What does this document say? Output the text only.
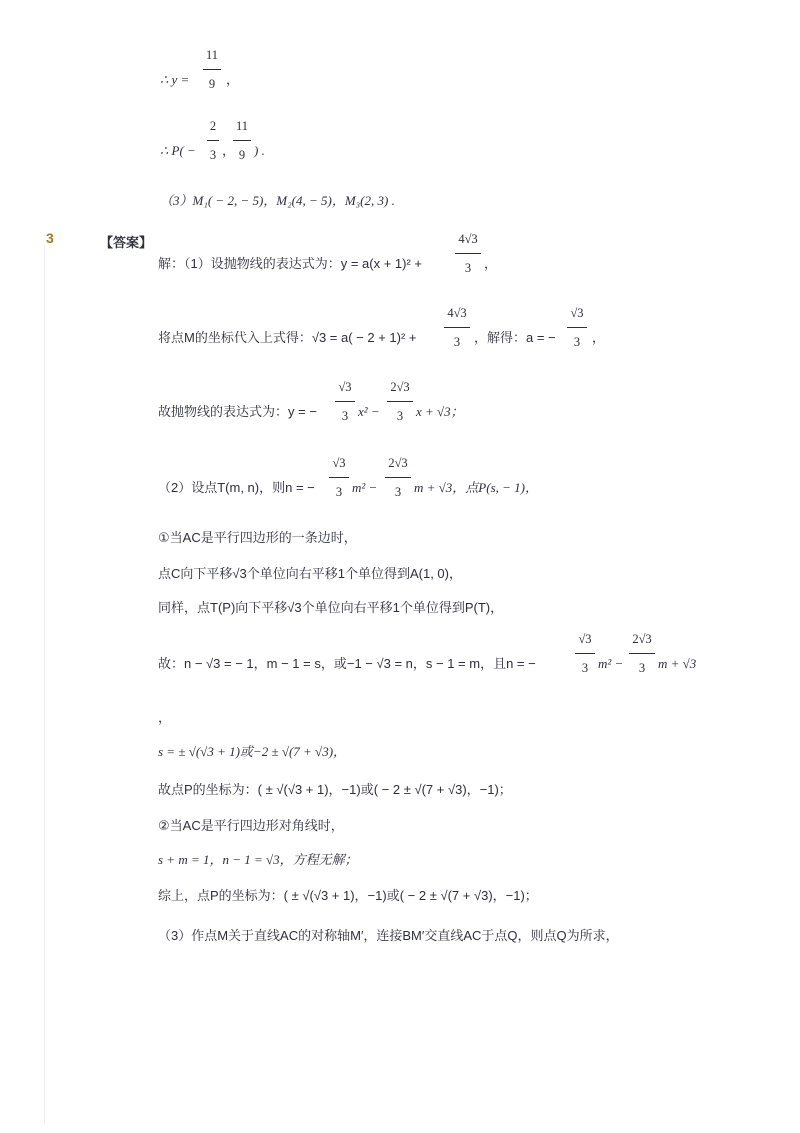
∴ y =
11
9 ，
∴ P( −
2
3 ，
11
9 ) .
（3）M₁( − 2, − 5)，M₂(4, − 5)，M₃(2, 3) .
3	【答案】
解：（1）设抛物线的表达式为：y = a(x + 1)² +
4√3
3 ，
将点M的坐标代入上式得：√3 = a( − 2 + 1)² +
4√3
3	，解得：a = −
√3
3 ，
故抛物线的表达式为：y = −
√3
3 x² −
2√3
3 x + √3；
（2）设点T(m, n)，则n = −
√3
3 m² −
2√3
3 m + √3，点P(s, − 1)，
①当AC是平行四边形的一条边时，
点C向下平移√3个单位向右平移1个单位得到A(1, 0)，
同样，点T(P)向下平移√3个单位向右平移1个单位得到P(T)，
故：n − √3 = − 1，m − 1 = s，或−1 − √3 = n，s − 1 = m，且n = −
√3
3 m² −
2√3
3 m + √3
，
s = ± √(√3 + 1)或−2 ± √(7 + √3)，
故点P的坐标为：( ± √(√3 + 1)，−1)或( − 2 ± √(7 + √3)，−1)；
②当AC是平行四边形对角线时，
s + m = 1，n − 1 = √3，方程无解；
综上，点P的坐标为：( ± √(√3 + 1)，−1)或( − 2 ± √(7 + √3)，−1)；
（3）作点M关于直线AC的对称轴M′，连接BM′交直线AC于点Q，则点Q为所求，
